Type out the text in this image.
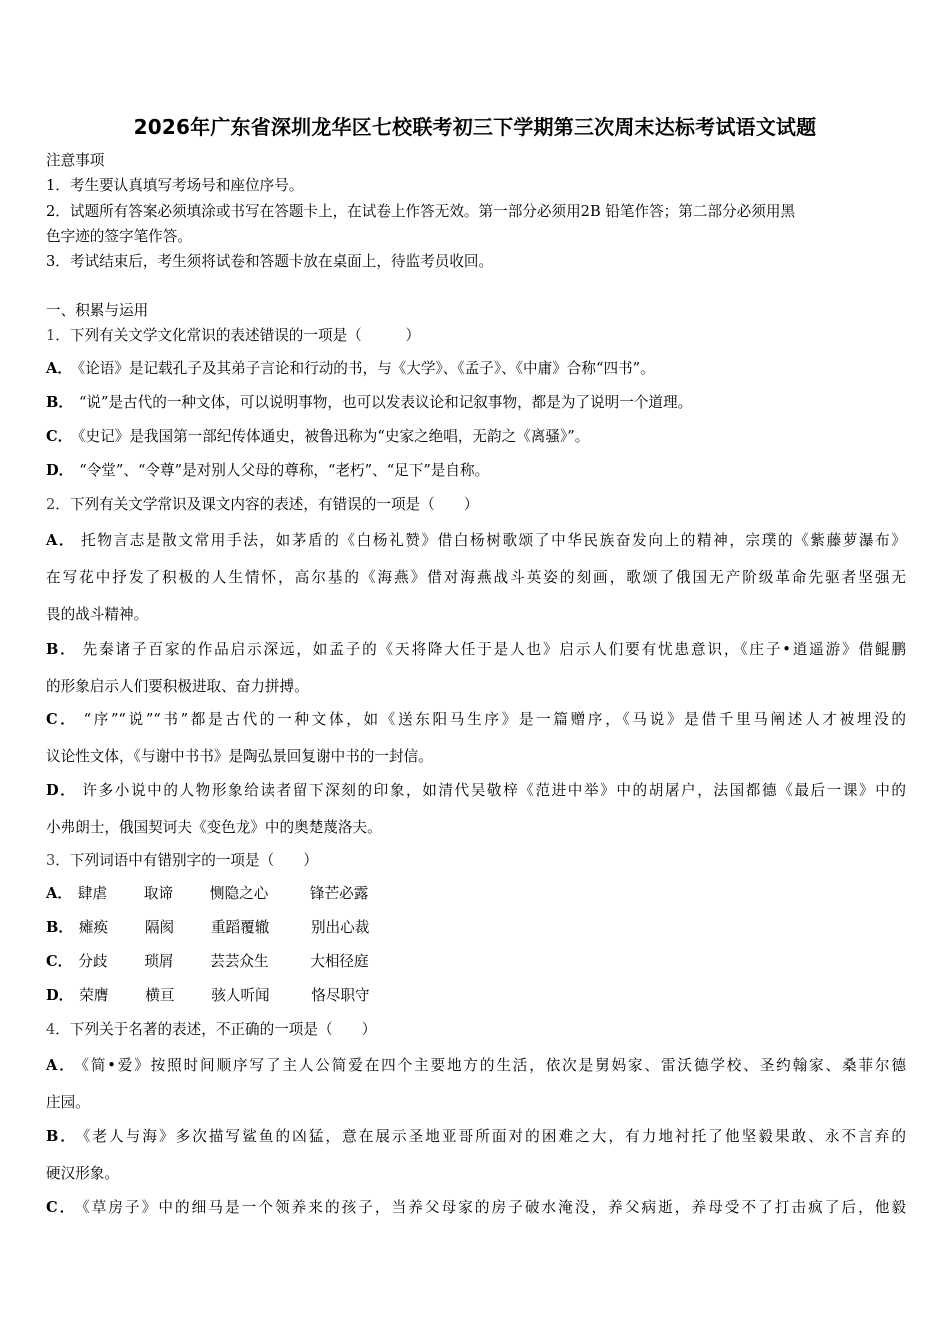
2026年广东省深圳龙华区七校联考初三下学期第三次周末达标考试语文试题
注意事项
1．考生要认真填写考场号和座位序号。
2．试题所有答案必须填涂或书写在答题卡上，在试卷上作答无效。第一部分必须用2B 铅笔作答；第二部分必须用黑
色字迹的签字笔作答。
3．考试结束后，考生须将试卷和答题卡放在桌面上，待监考员收回。
一、积累与运用
1．下列有关文学文化常识的表述错误的一项是（　　　）
A． 《论语》是记载孔子及其弟子言论和行动的书，与《大学》、《孟子》、《中庸》合称“四书”。
B． “说”是古代的一种文体，可以说明事物，也可以发表议论和记叙事物，都是为了说明一个道理。
C． 《史记》是我国第一部纪传体通史，被鲁迅称为“史家之绝唱，无韵之《离骚》”。
D． “令堂”、“令尊”是对别人父母的尊称，“老朽”、“足下”是自称。
2．下列有关文学常识及课文内容的表述，有错误的一项是（　　）
A． 托物言志是散文常用手法，如茅盾的《白杨礼赞》借白杨树歌颂了中华民族奋发向上的精神，宗璞的《紫藤萝瀑布》
在写花中抒发了积极的人生情怀，高尔基的《海燕》借对海燕战斗英姿的刻画，歌颂了俄国无产阶级革命先驱者坚强无
畏的战斗精神。
B． 先秦诸子百家的作品启示深远，如孟子的《天将降大任于是人也》启示人们要有忧患意识，《庄子•逍遥游》借鲲鹏
的形象启示人们要积极进取、奋力拼搏。
C． “序”“说”“书”都是古代的一种文体，如《送东阳马生序》是一篇赠序，《马说》是借千里马阐述人才被埋没的
议论性文体，《与谢中书书》是陶弘景回复谢中书的一封信。
D． 许多小说中的人物形象给读者留下深刻的印象，如清代吴敬梓《范进中举》中的胡屠户，法国都德《最后一课》中的
小弗朗士，俄国契诃夫《变色龙》中的奥楚蔑洛夫。
3．下列词语中有错别字的一项是（　　）
A． 肆虐	取谛	恻隐之心	锋芒必露
B． 瘫痪	隔阂	重蹈覆辙	别出心裁
C． 分歧	琐屑	芸芸众生	大相径庭
D． 荣膺	横亘	骇人听闻	恪尽职守
4．下列关于名著的表述，不正确的一项是（　　）
A． 《简•爱》按照时间顺序写了主人公简爱在四个主要地方的生活，依次是舅妈家、雷沃德学校、圣约翰家、桑菲尔德
庄园。
B． 《老人与海》多次描写鲨鱼的凶猛，意在展示圣地亚哥所面对的困难之大，有力地衬托了他坚毅果敢、永不言弃的
硬汉形象。
C． 《草房子》中的细马是一个领养来的孩子，当养父母家的房子破水淹没，养父病逝，养母受不了打击疯了后，他毅
